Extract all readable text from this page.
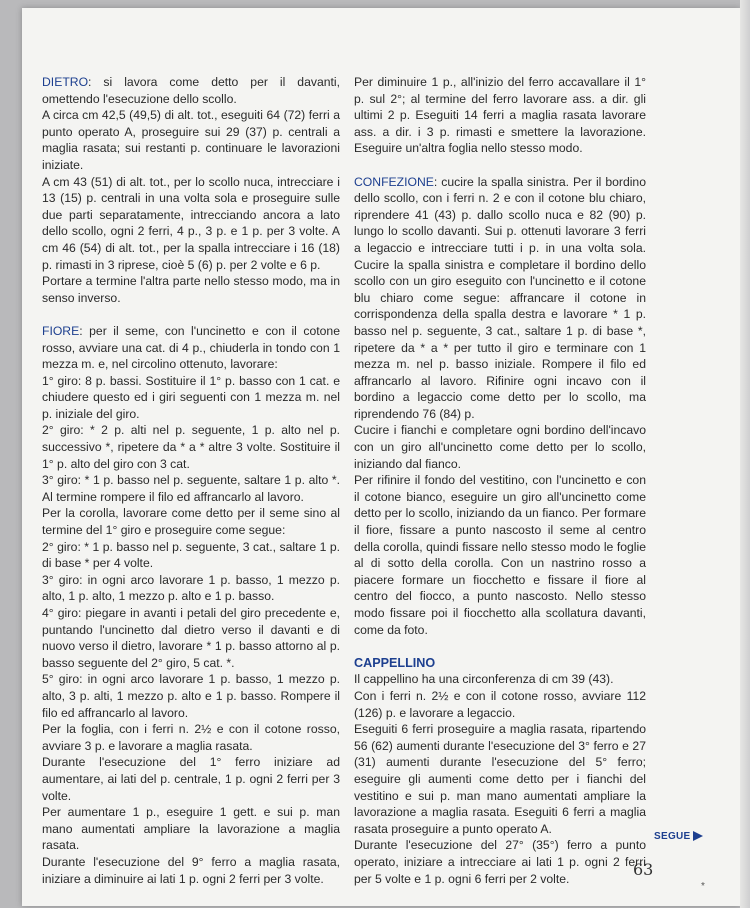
DIETRO: si lavora come detto per il davanti, omettendo l'esecuzione dello scollo.

A circa cm 42,5 (49,5) di alt. tot., eseguiti 64 (72) ferri a punto operato A, proseguire sui 29 (37) p. centrali a maglia rasata; sui restanti p. continuare le lavorazioni iniziate.

A cm 43 (51) di alt. tot., per lo scollo nuca, intrecciare i 13 (15) p. centrali in una volta sola e proseguire sulle due parti separatamente, intrecciando ancora a lato dello scollo, ogni 2 ferri, 4 p., 3 p. e 1 p. per 3 volte. A cm 46 (54) di alt. tot., per la spalla intrecciare i 16 (18) p. rimasti in 3 riprese, cioè 5 (6) p. per 2 volte e 6 p.

Portare a termine l'altra parte nello stesso modo, ma in senso inverso.

FIORE: per il seme, con l'uncinetto e con il cotone rosso, avviare una cat. di 4 p., chiuderla in tondo con 1 mezza m. e, nel circolino ottenuto, lavorare:

1° giro: 8 p. bassi. Sostituire il 1° p. basso con 1 cat. e chiudere questo ed i giri seguenti con 1 mezza m. nel p. iniziale del giro.

2° giro: * 2 p. alti nel p. seguente, 1 p. alto nel p. successivo *, ripetere da * a * altre 3 volte. Sostituire il 1° p. alto del giro con 3 cat.

3° giro: * 1 p. basso nel p. seguente, saltare 1 p. alto *. Al termine rompere il filo ed affrancarlo al lavoro.

Per la corolla, lavorare come detto per il seme sino al termine del 1° giro e proseguire come segue:

2° giro: * 1 p. basso nel p. seguente, 3 cat., saltare 1 p. di base * per 4 volte.

3° giro: in ogni arco lavorare 1 p. basso, 1 mezzo p. alto, 1 p. alto, 1 mezzo p. alto e 1 p. basso.

4° giro: piegare in avanti i petali del giro precedente e, puntando l'uncinetto dal dietro verso il davanti e di nuovo verso il dietro, lavorare * 1 p. basso attorno al p. basso seguente del 2° giro, 5 cat. *.

5° giro: in ogni arco lavorare 1 p. basso, 1 mezzo p. alto, 3 p. alti, 1 mezzo p. alto e 1 p. basso. Rompere il filo ed affrancarlo al lavoro.

Per la foglia, con i ferri n. 2½ e con il cotone rosso, avviare 3 p. e lavorare a maglia rasata.

Durante l'esecuzione del 1° ferro iniziare ad aumentare, ai lati del p. centrale, 1 p. ogni 2 ferri per 3 volte.

Per aumentare 1 p., eseguire 1 gett. e sui p. man mano aumentati ampliare la lavorazione a maglia rasata.

Durante l'esecuzione del 9° ferro a maglia rasata, iniziare a diminuire ai lati 1 p. ogni 2 ferri per 3 volte.

Per diminuire 1 p., all'inizio del ferro accavallare il 1° p. sul 2°; al termine del ferro lavorare ass. a dir. gli ultimi 2 p. Eseguiti 14 ferri a maglia rasata lavorare ass. a dir. i 3 p. rimasti e smettere la lavorazione. Eseguire un'altra foglia nello stesso modo.

CONFEZIONE: cucire la spalla sinistra. Per il bordino dello scollo, con i ferri n. 2 e con il cotone blu chiaro, riprendere 41 (43) p. dallo scollo nuca e 82 (90) p. lungo lo scollo davanti. Sui p. ottenuti lavorare 3 ferri a legaccio e intrecciare tutti i p. in una volta sola. Cucire la spalla sinistra e completare il bordino dello scollo con un giro eseguito con l'uncinetto e il cotone blu chiaro come segue: affrancare il cotone in corrispondenza della spalla destra e lavorare * 1 p. basso nel p. seguente, 3 cat., saltare 1 p. di base *, ripetere da * a * per tutto il giro e terminare con 1 mezza m. nel p. basso iniziale. Rompere il filo ed affrancarlo al lavoro. Rifinire ogni incavo con il bordino a legaccio come detto per lo scollo, ma riprendendo 76 (84) p.

Cucire i fianchi e completare ogni bordino dell'incavo con un giro all'uncinetto come detto per lo scollo, iniziando dal fianco.

Per rifinire il fondo del vestitino, con l'uncinetto e con il cotone bianco, eseguire un giro all'uncinetto come detto per lo scollo, iniziando da un fianco. Per formare il fiore, fissare a punto nascosto il seme al centro della corolla, quindi fissare nello stesso modo le foglie al di sotto della corolla. Con un nastrino rosso a piacere formare un fiocchetto e fissare il fiore al centro del fiocco, a punto nascosto. Nello stesso modo fissare poi il fiocchetto alla scollatura davanti, come da foto.

CAPPELLINO

Il cappellino ha una circonferenza di cm 39 (43).

Con i ferri n. 2½ e con il cotone rosso, avviare 112 (126) p. e lavorare a legaccio.

Eseguiti 6 ferri proseguire a maglia rasata, ripartendo 56 (62) aumenti durante l'esecuzione del 3° ferro e 27 (31) aumenti durante l'esecuzione del 5° ferro; eseguire gli aumenti come detto per i fianchi del vestitino e sui p. man mano aumentati ampliare la lavorazione a maglia rasata. Eseguiti 6 ferri a maglia rasata proseguire a punto operato A.

Durante l'esecuzione del 27° (35°) ferro a punto operato, iniziare a intrecciare ai lati 1 p. ogni 2 ferri per 5 volte e 1 p. ogni 6 ferri per 2 volte.

SEGUE
63
*
